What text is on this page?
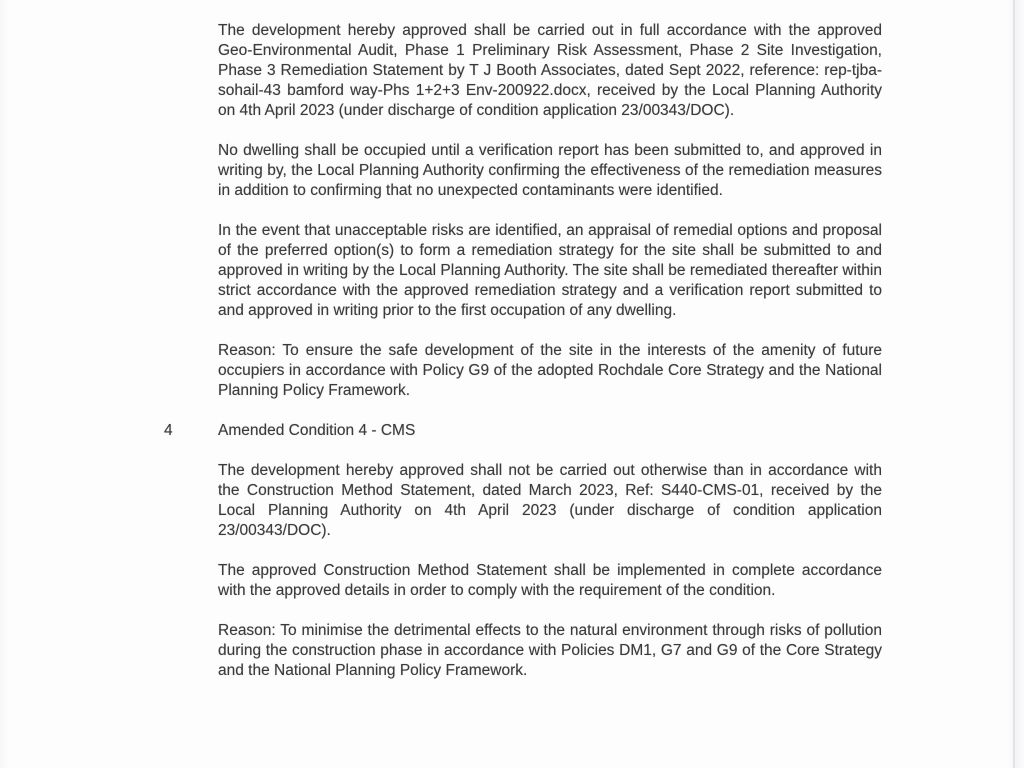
The development hereby approved shall be carried out in full accordance with the approved Geo-Environmental Audit, Phase 1 Preliminary Risk Assessment, Phase 2 Site Investigation, Phase 3 Remediation Statement by T J Booth Associates, dated Sept 2022, reference: rep-tjba-sohail-43 bamford way-Phs 1+2+3 Env-200922.docx, received by the Local Planning Authority on 4th April 2023 (under discharge of condition application 23/00343/DOC).

No dwelling shall be occupied until a verification report has been submitted to, and approved in writing by, the Local Planning Authority confirming the effectiveness of the remediation measures in addition to confirming that no unexpected contaminants were identified.

In the event that unacceptable risks are identified, an appraisal of remedial options and proposal of the preferred option(s) to form a remediation strategy for the site shall be submitted to and approved in writing by the Local Planning Authority. The site shall be remediated thereafter within strict accordance with the approved remediation strategy and a verification report submitted to and approved in writing prior to the first occupation of any dwelling.

Reason: To ensure the safe development of the site in the interests of the amenity of future occupiers in accordance with Policy G9 of the adopted Rochdale Core Strategy and the National Planning Policy Framework.

4	Amended Condition 4 - CMS

The development hereby approved shall not be carried out otherwise than in accordance with the Construction Method Statement, dated March 2023, Ref: S440-CMS-01, received by the Local Planning Authority on 4th April 2023 (under discharge of condition application 23/00343/DOC).

The approved Construction Method Statement shall be implemented in complete accordance with the approved details in order to comply with the requirement of the condition.

Reason: To minimise the detrimental effects to the natural environment through risks of pollution during the construction phase in accordance with Policies DM1, G7 and G9 of the Core Strategy and the National Planning Policy Framework.
